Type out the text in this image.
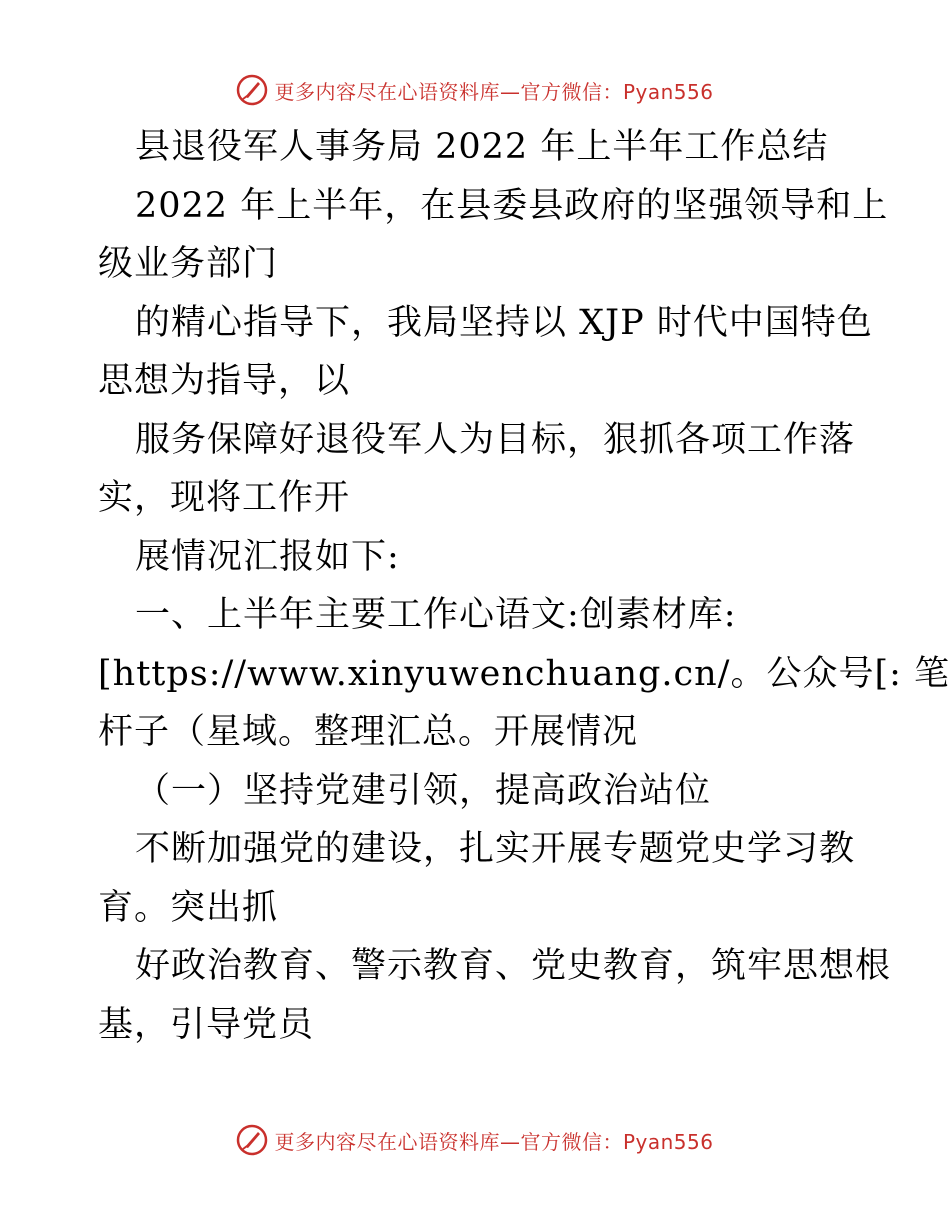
更多内容尽在心语资料库—官方微信：Pyan556
县退役军人事务局 2022 年上半年工作总结
2022 年上半年，在县委县政府的坚强领导和上
级业务部门
的精心指导下，我局坚持以 XJP 时代中国特色
思想为指导，以
服务保障好退役军人为目标，狠抓各项工作落
实，现将工作开
展情况汇报如下:
一、上半年主要工作心语文:创素材库:
[https://www.xinyuwenchuang.cn/。公众号[: 笔
杆子（星域。整理汇总。开展情况
（一）坚持党建引领，提高政治站位
不断加强党的建设，扎实开展专题党史学习教
育。突出抓
好政治教育、警示教育、党史教育，筑牢思想根
基，引导党员
更多内容尽在心语资料库—官方微信：Pyan556
